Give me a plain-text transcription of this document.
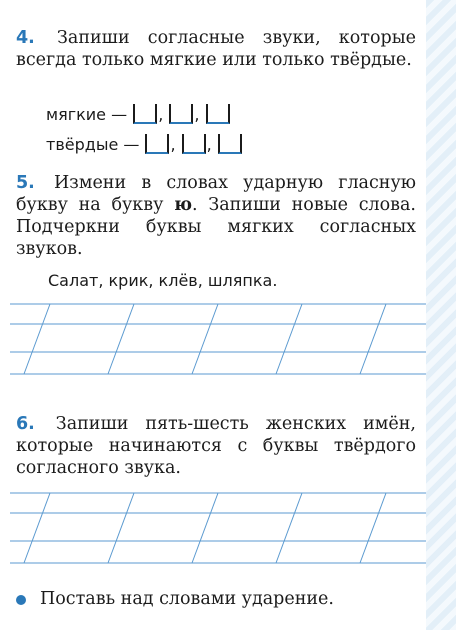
4. Запиши согласные звуки, которые всегда только мягкие или только твёрдые.
мягкие — , ,
твёрдые — , ,
5. Измени в словах ударную гласную букву на букву ю. Запиши новые слова. Подчеркни буквы мягких согласных звуков.
Салат, крик, клёв, шляпка.
6. Запиши пять-шесть женских имён, которые начинаются с буквы твёрдого согласного звука.
Поставь над словами ударение.
